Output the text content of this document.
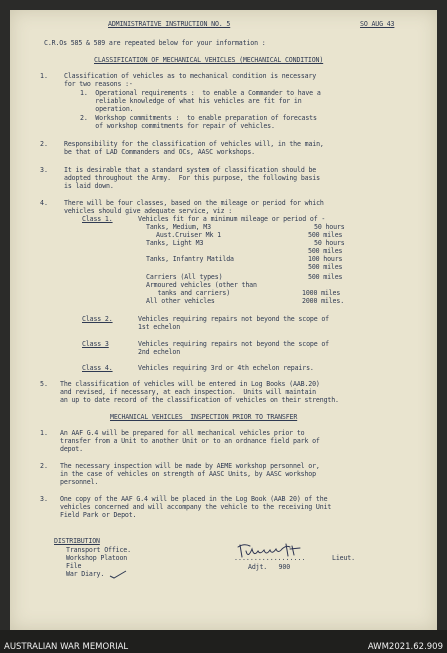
ADMINISTRATIVE INSTRUCTION NO. 5	SO AUG 43
C.R.Os 585 & 589 are repeated below for your information :
CLASSIFICATION OF MECHANICAL VEHICLES (MECHANICAL CONDITION)
1. Classification of vehicles as to mechanical condition is necessary
for two reasons :-
1.  Operational requirements :  to enable a Commander to have a
reliable knowledge of what his vehicles are fit for in
operation.
2.  Workshop commitments :  to enable preparation of forecasts
of workshop commitments for repair of vehicles.
2. Responsibility for the classification of vehicles will, in the main,
be that of LAD Commanders and OCs, AASC workshops.
3. It is desirable that a standard system of classification should be
adopted throughout the Army.  For this purpose, the following basis
is laid down.
4. There will be four classes, based on the mileage or period for which
vehicles should give adequate service, viz :
Class 1.	Vehicles fit for a minimum mileage or period of -
Tanks, Medium, M3	50 hours
Aust.Cruiser Mk 1	500 miles
Tanks, Light M3	50 hours
500 miles
Tanks, Infantry Matilda	100 hours
500 miles
Carriers (All types)	500 miles
Armoured vehicles (other than
tanks and carriers)	1000 miles
All other vehicles	2000 miles.
Class 2.	Vehicles requiring repairs not beyond the scope of
1st echelon
Class 3	Vehicles requiring repairs not beyond the scope of
2nd echelon
Class 4.	Vehicles requiring 3rd or 4th echelon repairs.
5. The classification of vehicles will be entered in Log Books (AAB.20)
and revised, if necessary, at each inspection.  Units will maintain
an up to date record of the classification of vehicles on their strength.
MECHANICAL VEHICLES  INSPECTION PRIOR TO TRANSFER
1. An AAF G.4 will be prepared for all mechanical vehicles prior to
transfer from a Unit to another Unit or to an ordnance field park of
depot.
2. The necessary inspection will be made by AEME workshop personnel or,
in the case of vehicles on strength of AASC Units, by AASC workshop
personnel.
3. One copy of the AAF G.4 will be placed in the Log Book (AAB 20) of the
vehicles concerned and will accompany the vehicle to the receiving Unit
Field Park or Depot.
DISTRIBUTION
Transport Office.
Workshop Platoon
File
War Diary.
..................	Lieut.
Adjt.   900
AUSTRALIAN WAR MEMORIAL	AWM2021.62.909
